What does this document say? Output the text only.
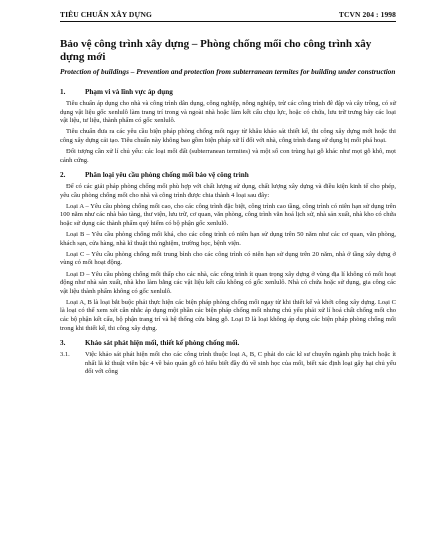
TIÊU CHUẨN XÂY DỰNG	TCVN 204 : 1998
Bảo vệ công trình xây dựng – Phòng chống mối cho công trình xây dựng mới
Protection of buildings – Prevention and protection from subterranean termites for building under construction
1.	Phạm vi và lĩnh vực áp dụng

Tiêu chuẩn áp dụng cho nhà và công trình dân dụng, công nghiệp, nông nghiệp, trừ các công trình đê đập và cây trồng, có sử dụng vật liệu gốc xenlulô làm trang trí trong và ngoài nhà hoặc làm kết cấu chịu lực, hoặc có chứa, lưu trữ trưng bày các loại vật liệu, tư liệu, thành phẩm có gốc xenlulô.

Tiêu chuẩn đưa ra các yêu cầu biện pháp phòng chống mối ngay từ khâu khảo sát thiết kế, thi công xây dựng mới hoặc thi công xây dựng cải tạo. Tiêu chuẩn này không bao gồm biện pháp xử lí đối với nhà, công trình đang sử dụng bị mối phá hoại.

Đối tượng cần xử lí chủ yếu: các loại mối đất (subterranean termites) và một số con trùng hại gỗ khác như mọt gỗ khô, mọt cánh cứng.

2.	Phân loại yêu cầu phòng chống mối bảo vệ công trình

Để có các giải pháp phòng chống mối phù hợp với chất lượng sử dụng, chất lượng xây dựng và điều kiện kinh tế cho phép, yêu cầu phòng chống mối cho nhà và công trình được chia thành 4 loại sau đây:

Loại A – Yêu cầu phòng chống mối cao, cho các công trình đặc biệt, công trình cao tầng, công trình có niên hạn sử dụng trên 100 năm như các nhà bảo tàng, thư viện, lưu trữ, cơ quan, văn phòng, công trình văn hoá lịch sử, nhà sản xuất, nhà kho có chứa hoặc sử dụng các thành phẩm quý hiếm có bộ phận gốc xenlulô.

Loại B – Yêu cầu phòng chống mối khá, cho các công trình có niên hạn sử dụng trên 50 năm như các cơ quan, văn phòng, khách sạn, cửa hàng, nhà kĩ thuật thủ nghiệm, trường học, bệnh viện.

Loại C – Yêu cầu phòng chống mối trung bình cho các công trình có niên hạn sử dụng trên 20 năm, nhà ở tầng xây dựng ở vùng có mối hoạt động.

Loại D – Yêu cầu phòng chống mối thấp cho các nhà, các công trình ít quan trọng xây dựng ở vùng địa lí không có mối hoạt động như nhà sản xuất, nhà kho làm bằng các vật liệu kết cấu không có gốc xenlulô. Nhà có chứa hoặc sử dụng, gia công các vật liệu thành phẩm không có gốc xenlulô.

Loại A, B là loại bắt buộc phải thực hiện các biện pháp phòng chống mối ngay từ khi thiết kế và khởi công xây dựng. Loại C là loại có thể xem xét cân nhắc áp dụng một phần các biện pháp chống mối nhưng chủ yếu phải xử lí hoá chất chống mối cho các bộ phận kết cấu, bộ phận trang trí và hệ thống cửa bằng gỗ. Loại D là loại không áp dụng các biện pháp phòng chống mối trong khi thiết kế, thi công xây dựng.

3.	Khảo sát phát hiện mối, thiết kế phòng chống mối.
3.1.	Việc khảo sát phát hiện mối cho các công trình thuộc loại A, B, C phải do các kĩ sư chuyên ngành phụ trách hoặc ít nhất là kĩ thuật viên bậc 4 về bảo quản gỗ có hiểu biết đầy đủ về sinh học của mối, biết xác định loại gây hại chủ yếu đối với công
